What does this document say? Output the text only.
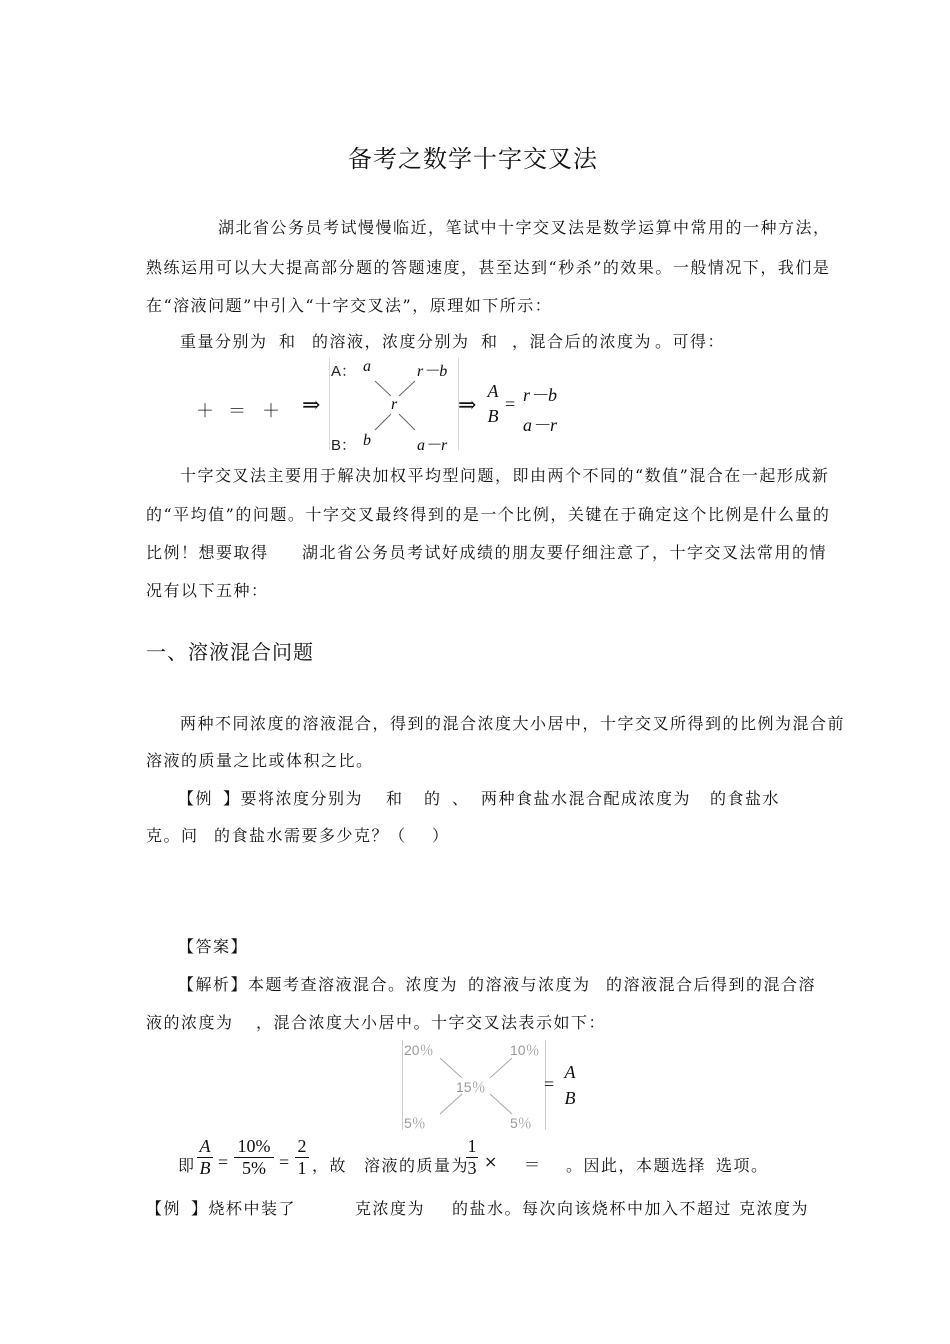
备考之数学十字交叉法
湖北省公务员考试慢慢临近，笔试中十字交叉法是数学运算中常用的一种方法，
熟练运用可以大大提高部分题的答题速度，甚至达到“秒杀”的效果。一般情况下，我们是
在“溶液问题”中引入“十字交叉法”，原理如下所示：
重量分别为 和 的溶液，浓度分别为 和 ，混合后的浓度为 。可得：
＋ ＝ ＋ ⇒
A： a	r－b
r
B： b	a－r
⇒
A
B
= r－b
a－r
十字交叉法主要用于解决加权平均型问题，即由两个不同的“数值”混合在一起形成新
的“平均值”的问题。十字交叉最终得到的是一个比例，关键在于确定这个比例是什么量的
比例！想要取得 湖北省公务员考试好成绩的朋友要仔细注意了，十字交叉法常用的情
况有以下五种：
一、溶液混合问题
两种不同浓度的溶液混合，得到的混合浓度大小居中，十字交叉所得到的比例为混合前
溶液的质量之比或体积之比。
【例 】要将浓度分别为 和 的 、 两种食盐水混合配成浓度为 的食盐水
克。问 的食盐水需要多少克？（ ）
【答案】
【解析】本题考查溶液混合。浓度为 的溶液与浓度为 的溶液混合后得到的混合溶
液的浓度为 ，混合浓度大小居中。十字交叉法表示如下：
20％	10％
15％
5％	5％
=
A
B
即
A
B =
10%
5% =
2
1 ，故 溶液的质量为
1
3 × ＝ 。因此，本题选择 选项。
【例 】烧杯中装了	克浓度为 的盐水。每次向该烧杯中加入不超过 克浓度为
